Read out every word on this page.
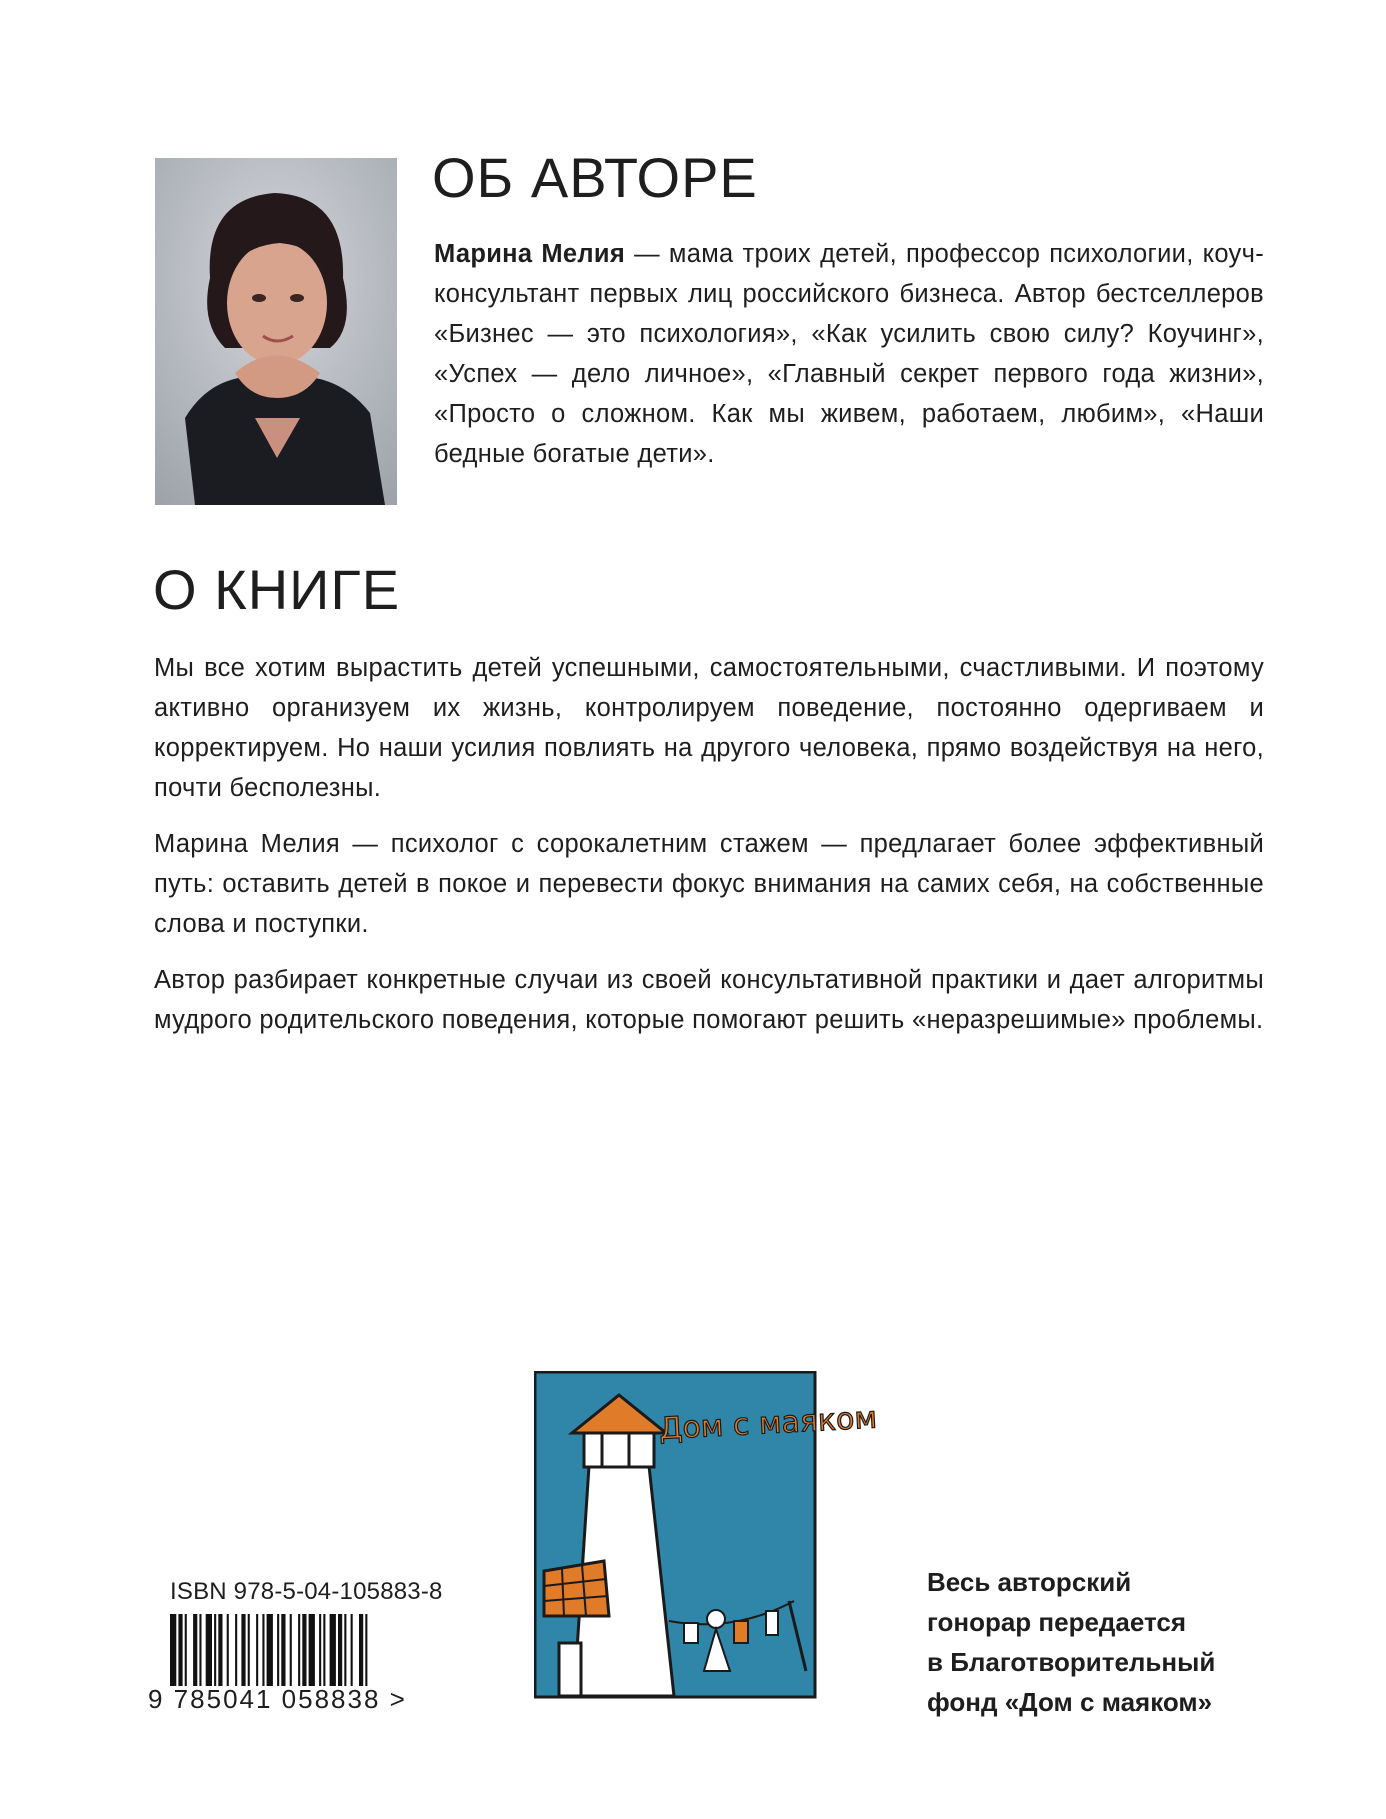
ОБ АВТОРЕ

Марина Мелия — мама троих детей, профессор психологии, коуч-консультант первых лиц российского бизнеса. Автор бестселлеров «Бизнес — это психология», «Как усилить свою силу? Коучинг», «Успех — дело личное», «Главный секрет первого года жизни», «Просто о сложном. Как мы живем, работаем, любим», «Наши бедные богатые дети».

О КНИГЕ

Мы все хотим вырастить детей успешными, самостоятельными, счастливыми. И поэтому активно организуем их жизнь, контролируем поведение, постоянно одергиваем и корректируем. Но наши усилия повлиять на другого человека, прямо воздействуя на него, почти бесполезны.

Марина Мелия — психолог с сорокалетним стажем — предлагает более эффективный путь: оставить детей в покое и перевести фокус внимания на самих себя, на собственные слова и поступки.

Автор разбирает конкретные случаи из своей консультативной практики и дает алгоритмы мудрого родительского поведения, которые помогают решить «неразрешимые» проблемы.

ISBN 978-5-04-105883-8
9 785041 058838 >
Дом с маяком

Весь авторский
гонорар передается
в Благотворительный
фонд «Дом с маяком»
